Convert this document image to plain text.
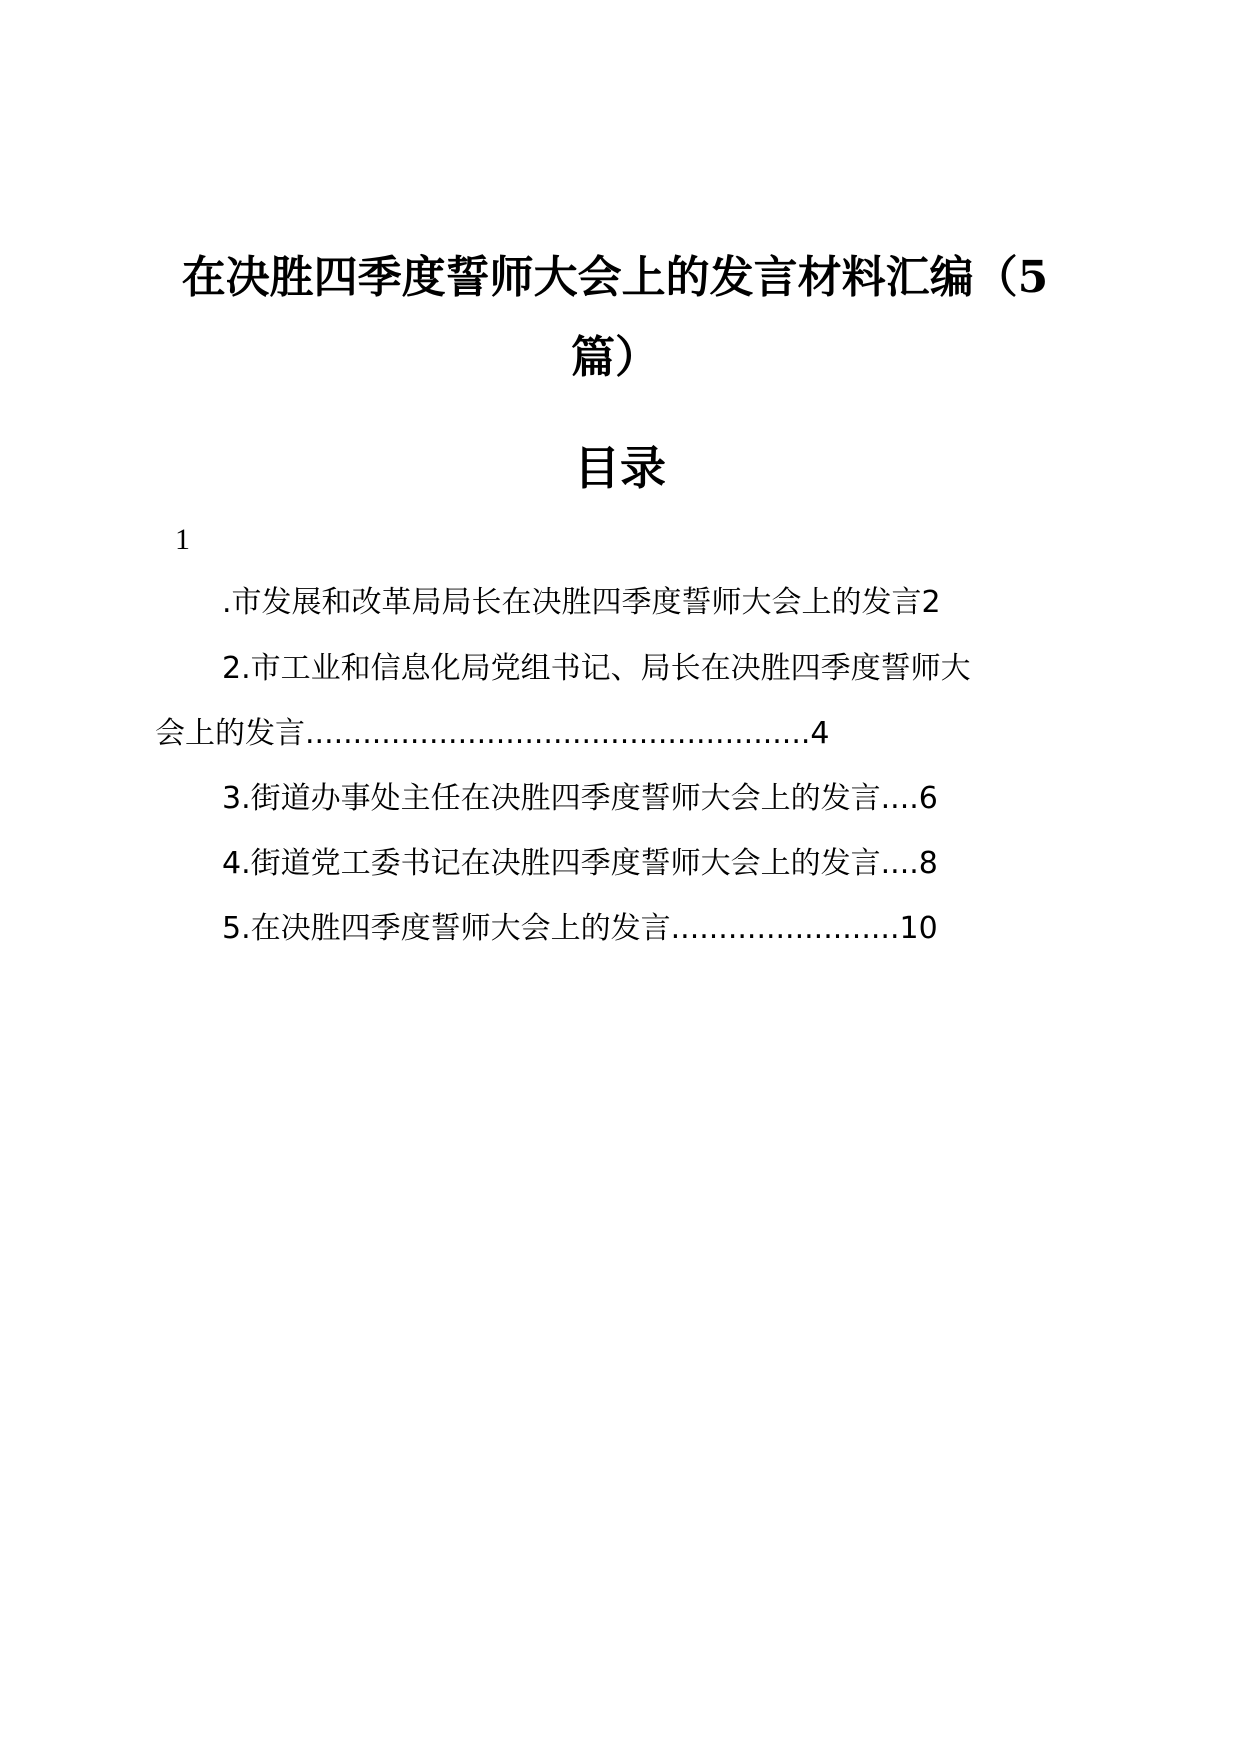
在决胜四季度誓师大会上的发言材料汇编（5篇）
目录
1
.市发展和改革局局长在决胜四季度誓师大会上的发言2
2.市工业和信息化局党组书记、局长在决胜四季度誓师大
会上的发言.....................................................4
3.街道办事处主任在决胜四季度誓师大会上的发言....6
4.街道党工委书记在决胜四季度誓师大会上的发言....8
5.在决胜四季度誓师大会上的发言........................10
